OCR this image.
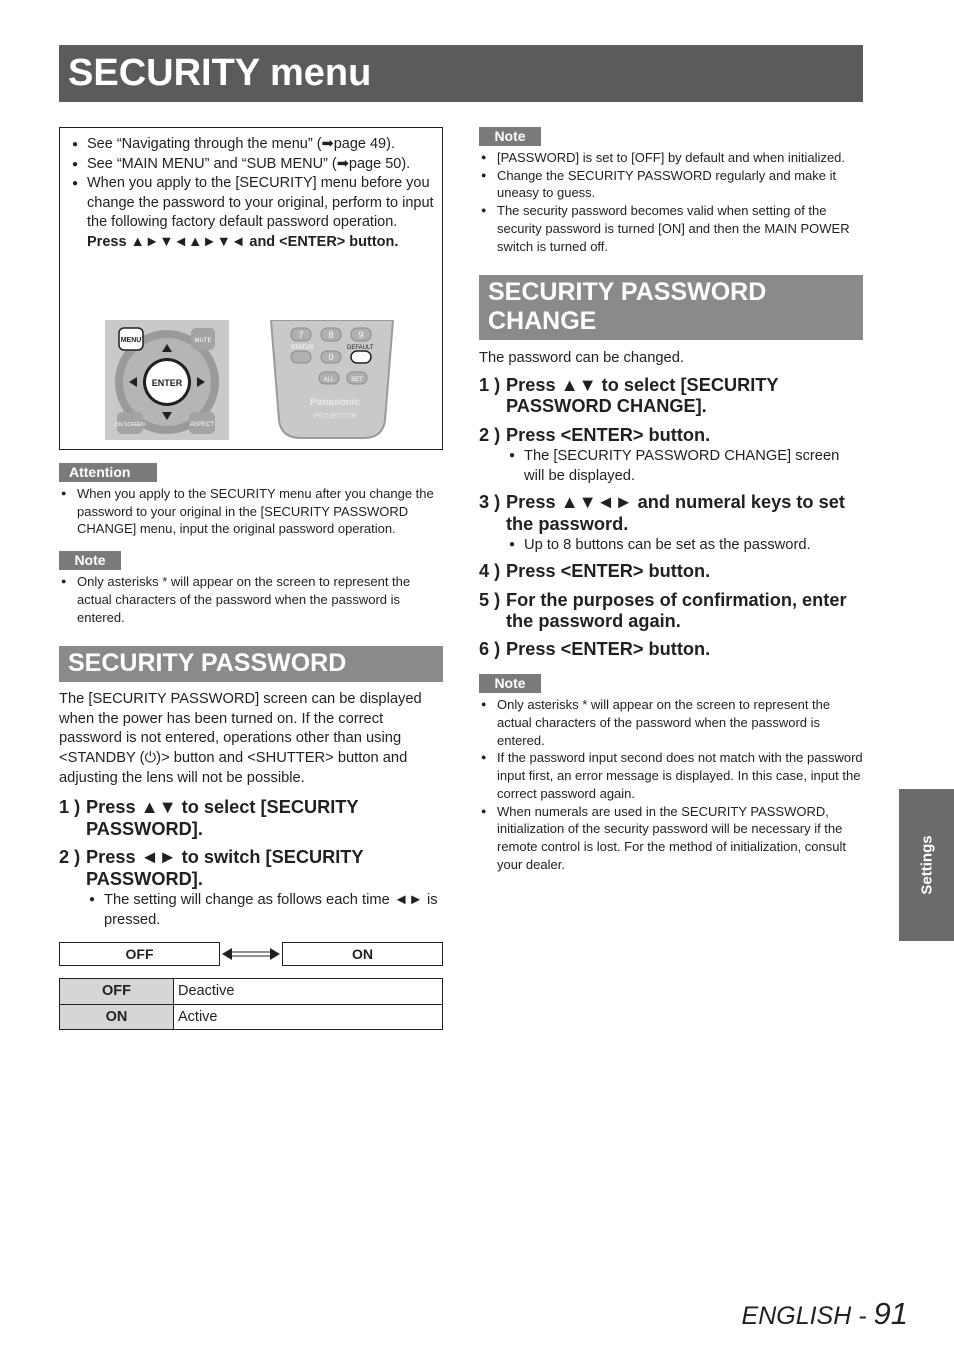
SECURITY menu
● See “Navigating through the menu” (➡page 49).
● See “MAIN MENU” and “SUB MENU” (➡page 50).
● When you apply to the [SECURITY] menu before you change the password to your original, perform to input the following factory default password operation.
Press ▲►▼◄▲►▼◄ and <ENTER> button.
ENTER
MENU	MUTE
ON SCREEN	ASPECT
7	8	9
STATUS	DEFAULT
0
ALL	SET
Panasonic
PROJECTOR
Attention
● When you apply to the SECURITY menu after you change the password to your original in the [SECURITY PASSWORD CHANGE] menu, input the original password operation.
Note
● Only asterisks * will appear on the screen to represent the actual characters of the password when the password is entered.
SECURITY PASSWORD

The [SECURITY PASSWORD] screen can be displayed when the power has been turned on. If the correct password is not entered, operations other than using <STANDBY (⏻)> button and <SHUTTER> button and adjusting the lens will not be possible.

1 ) Press ▲▼ to select [SECURITY PASSWORD].
2 ) Press ◄► to switch [SECURITY PASSWORD].
● The setting will change as follows each time ◄► is pressed.
OFF	ON
OFF	Deactive
ON	Active
Note
● [PASSWORD] is set to [OFF] by default and when initialized.
● Change the SECURITY PASSWORD regularly and make it uneasy to guess.
● The security password becomes valid when setting of the security password is turned [ON] and then the MAIN POWER switch is turned off.
SECURITY PASSWORD
CHANGE

The password can be changed.

1 ) Press ▲▼ to select [SECURITY PASSWORD CHANGE].
2 ) Press <ENTER> button.
● The [SECURITY PASSWORD CHANGE] screen will be displayed.
3 ) Press ▲▼◄► and numeral keys to set the password.
● Up to 8 buttons can be set as the password.
4 ) Press <ENTER> button.
5 ) For the purposes of confirmation, enter the password again.
6 ) Press <ENTER> button.
Note
● Only asterisks * will appear on the screen to represent the actual characters of the password when the password is entered.
● If the password input second does not match with the password input first, an error message is displayed. In this case, input the correct password again.
● When numerals are used in the SECURITY PASSWORD, initialization of the security password will be necessary if the remote control is lost. For the method of initialization, consult your dealer.	Settings
ENGLISH - 91
